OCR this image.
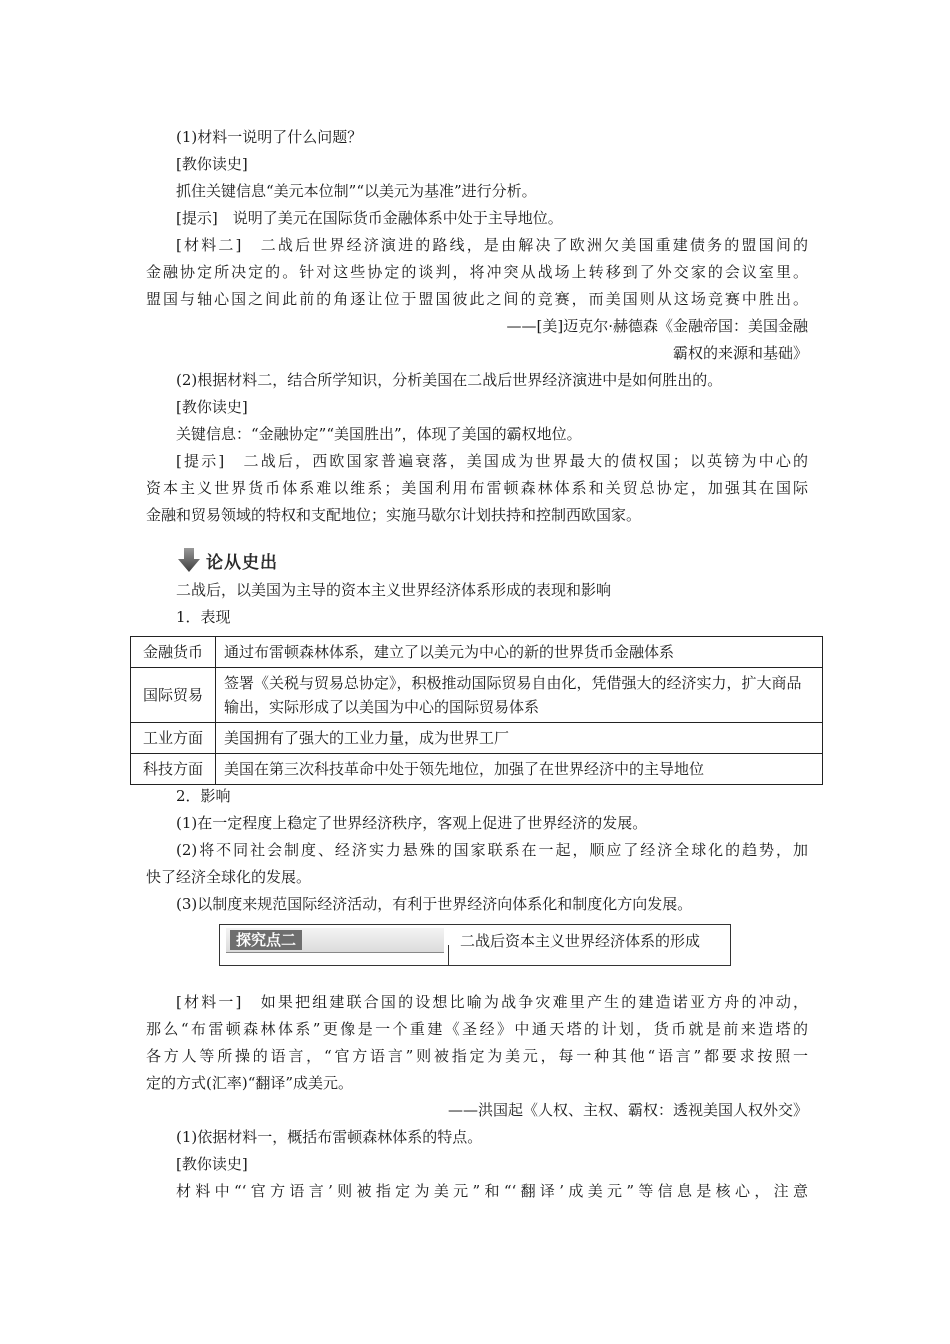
(1)材料一说明了什么问题？
[教你读史]
抓住关键信息“美元本位制”“以美元为基准”进行分析。
[提示]　说明了美元在国际货币金融体系中处于主导地位。
[材料二]　二战后世界经济演进的路线，是由解决了欧洲欠美国重建债务的盟国间的
金融协定所决定的。针对这些协定的谈判，将冲突从战场上转移到了外交家的会议室里。
盟国与轴心国之间此前的角逐让位于盟国彼此之间的竞赛，而美国则从这场竞赛中胜出。
——[美]迈克尔·赫德森《金融帝国：美国金融
霸权的来源和基础》
(2)根据材料二，结合所学知识，分析美国在二战后世界经济演进中是如何胜出的。
[教你读史]
关键信息：“金融协定”“美国胜出”，体现了美国的霸权地位。
[提示]　二战后，西欧国家普遍衰落，美国成为世界最大的债权国；以英镑为中心的
资本主义世界货币体系难以维系；美国利用布雷顿森林体系和关贸总协定，加强其在国际
金融和贸易领域的特权和支配地位；实施马歇尔计划扶持和控制西欧国家。
论从史出
二战后，以美国为主导的资本主义世界经济体系形成的表现和影响
1．表现
金融货币	通过布雷顿森林体系，建立了以美元为中心的新的世界货币金融体系
国际贸易	签署《关税与贸易总协定》，积极推动国际贸易自由化，凭借强大的经济实力，扩大商品输出，实际形成了以美国为中心的国际贸易体系
工业方面	美国拥有了强大的工业力量，成为世界工厂
科技方面	美国在第三次科技革命中处于领先地位，加强了在世界经济中的主导地位
2．影响
(1)在一定程度上稳定了世界经济秩序，客观上促进了世界经济的发展。
(2)将不同社会制度、经济实力悬殊的国家联系在一起，顺应了经济全球化的趋势，加
快了经济全球化的发展。
(3)以制度来规范国际经济活动，有利于世界经济向体系化和制度化方向发展。
探究点二	二战后资本主义世界经济体系的形成
[材料一]　如果把组建联合国的设想比喻为战争灾难里产生的建造诺亚方舟的冲动，
那么“布雷顿森林体系”更像是一个重建《圣经》中通天塔的计划，货币就是前来造塔的
各方人等所操的语言，“官方语言”则被指定为美元，每一种其他“语言”都要求按照一
定的方式(汇率)“翻译”成美元。
——洪国起《人权、主权、霸权：透视美国人权外交》
(1)依据材料一，概括布雷顿森林体系的特点。
[教你读史]
材料中“‘官方语言’则被指定为美元”和“‘翻译’成美元”等信息是核心，注意
